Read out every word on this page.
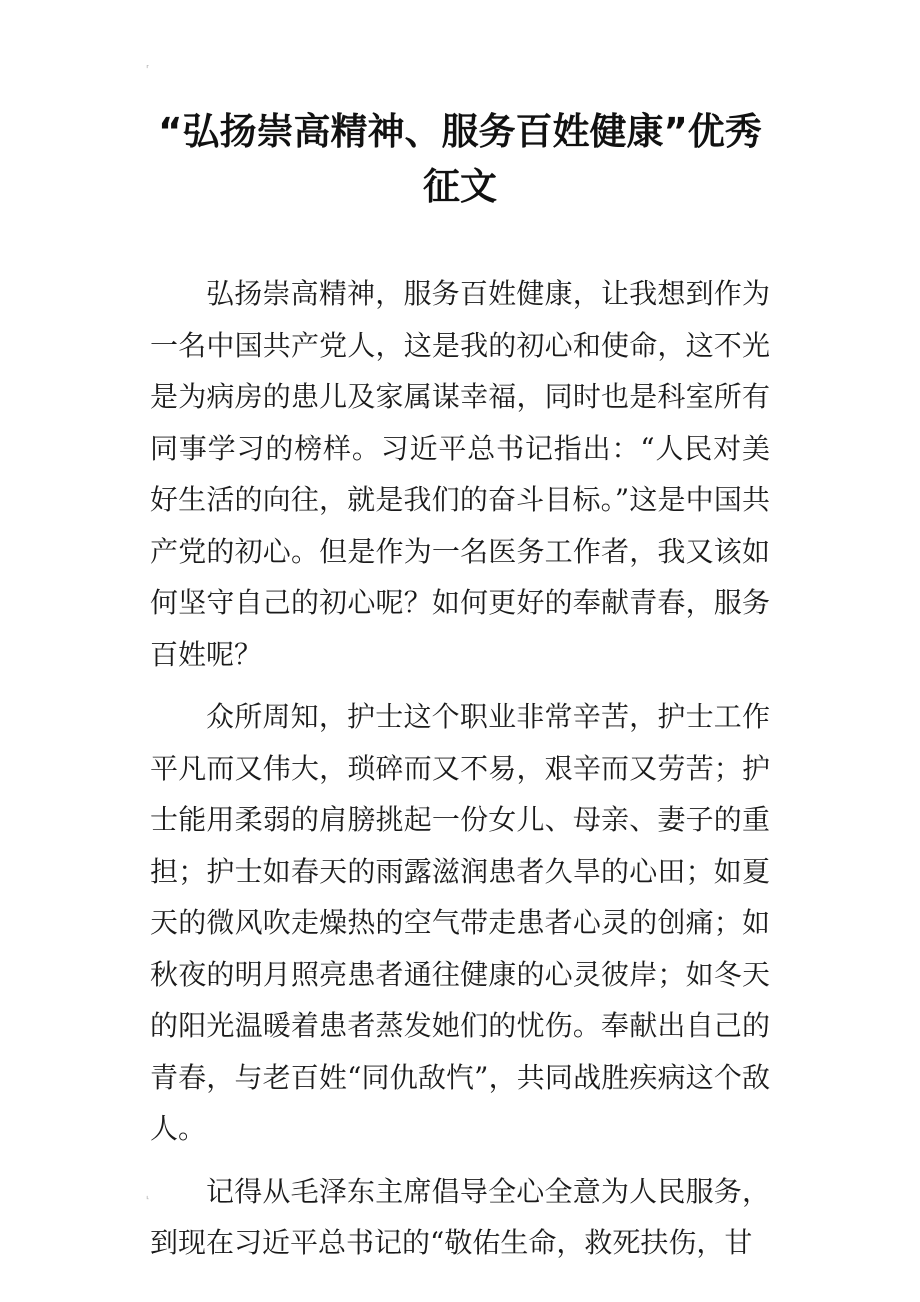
⸢
“弘扬崇高精神、服务百姓健康”优秀征文

弘扬崇高精神，服务百姓健康，让我想到作为一名中国共产党人，这是我的初心和使命，这不光是为病房的患儿及家属谋幸福，同时也是科室所有同事学习的榜样。习近平总书记指出：“人民对美好生活的向往，就是我们的奋斗目标。”这是中国共产党的初心。但是作为一名医务工作者，我又该如何坚守自己的初心呢？如何更好的奉献青春，服务百姓呢？

众所周知，护士这个职业非常辛苦，护士工作平凡而又伟大，琐碎而又不易，艰辛而又劳苦；护士能用柔弱的肩膀挑起一份女儿、母亲、妻子的重担；护士如春天的雨露滋润患者久旱的心田；如夏天的微风吹走燥热的空气带走患者心灵的创痛；如秋夜的明月照亮患者通往健康的心灵彼岸；如冬天的阳光温暖着患者蒸发她们的忧伤。奉献出自己的青春，与老百姓“同仇敌忾”，共同战胜疾病这个敌人。

记得从毛泽东主席倡导全心全意为人民服务，到现在习近平总书记的“敬佑生命，救死扶伤，甘

⸤
